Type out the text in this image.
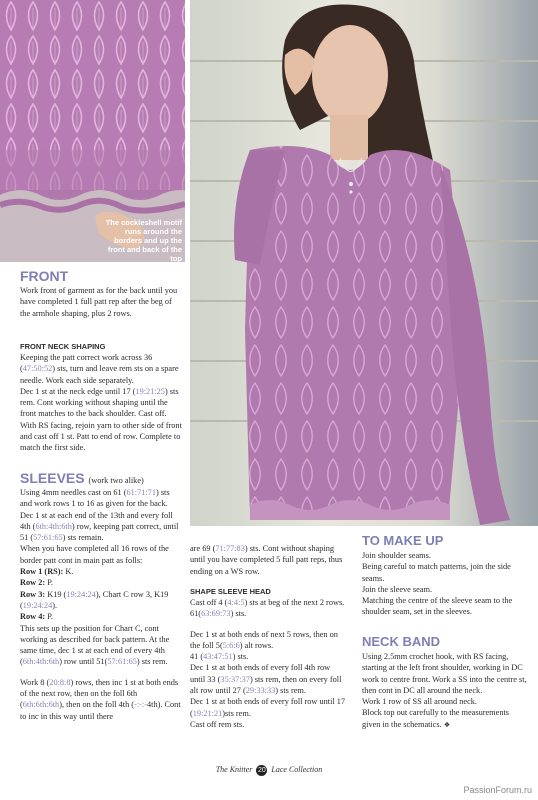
The cockleshell motif runs around the borders and up the front and back of the top
FRONT

Work front of garment as for the back until you have completed 1 full patt rep after the beg of the armhole shaping, plus 2 rows.

FRONT NECK SHAPING

Keeping the patt correct work across 36 (47:50:52) sts, turn and leave rem sts on a spare needle. Work each side separately.

Dec 1 st at the neck edge until 17 (19:21:25) sts rem. Cont working without shaping until the front matches to the back shoulder. Cast off.

With RS facing, rejoin yarn to other side of front and cast off 1 st. Patt to end of row. Complete to match the first side.

SLEEVES (work two alike)

Using 4mm needles cast on 61 (61:71:71) sts and work rows 1 to 16 as given for the back.

Dec 1 st at each end of the 13th and every foll 4th (6th:4th:6th) row, keeping patt correct, until 51 (57:61:65) sts remain.

When you have completed all 16 rows of the border patt cont in main patt as folls:

Row 1 (RS): K.

Row 2: P.

Row 3: K19 (19:24:24), Chart C row 3, K19 (19:24:24).

Row 4: P.

This sets up the position for Chart C, cont working as described for back pattern. At the same time, dec 1 st at each end of every 4th (6th:4th:6th) row until 51(57:61:65) sts rem.

Work 8 (20:8:8) rows, then inc 1 st at both ends of the next row, then on the foll 6th (6th:6th:6th), then on the foll 4th (-:-:-4th). Cont to inc in this way until there

are 69 (71:77:83) sts. Cont without shaping until you have completed 5 full patt reps, thus ending on a WS row.

SHAPE SLEEVE HEAD

Cast off 4 (4:4:5) sts at beg of the next 2 rows.
61(63:69:73) sts.

Dec 1 st at both ends of next 5 rows, then on the foll 5(5:6:6) alt rows.
41 (43:47:51) sts.

Dec 1 st at both ends of every foll 4th row until 33 (35:37:37) sts rem, then on every foll alt row until 27 (29:33:33) sts rem.

Dec 1 st at both ends of every foll row until 17 (19:21:21)sts rem.

Cast off rem sts.

TO MAKE UP

Join shoulder seams.

Being careful to match patterns, join the side seams.

Join the sleeve seam.

Matching the centre of the sleeve seam to the shoulder seam, set in the sleeves.

NECK BAND

Using 2.5mm crochet hook, with RS facing, starting at the left front shoulder, working in DC work to centre front. Work a SS into the centre st, then cont in DC all around the neck.

Work 1 row of SS all around neck.

Block top out carefully to the measurements given in the schematics. ❖

The Knitter 20 Lace Collection
PassionForum.ru
